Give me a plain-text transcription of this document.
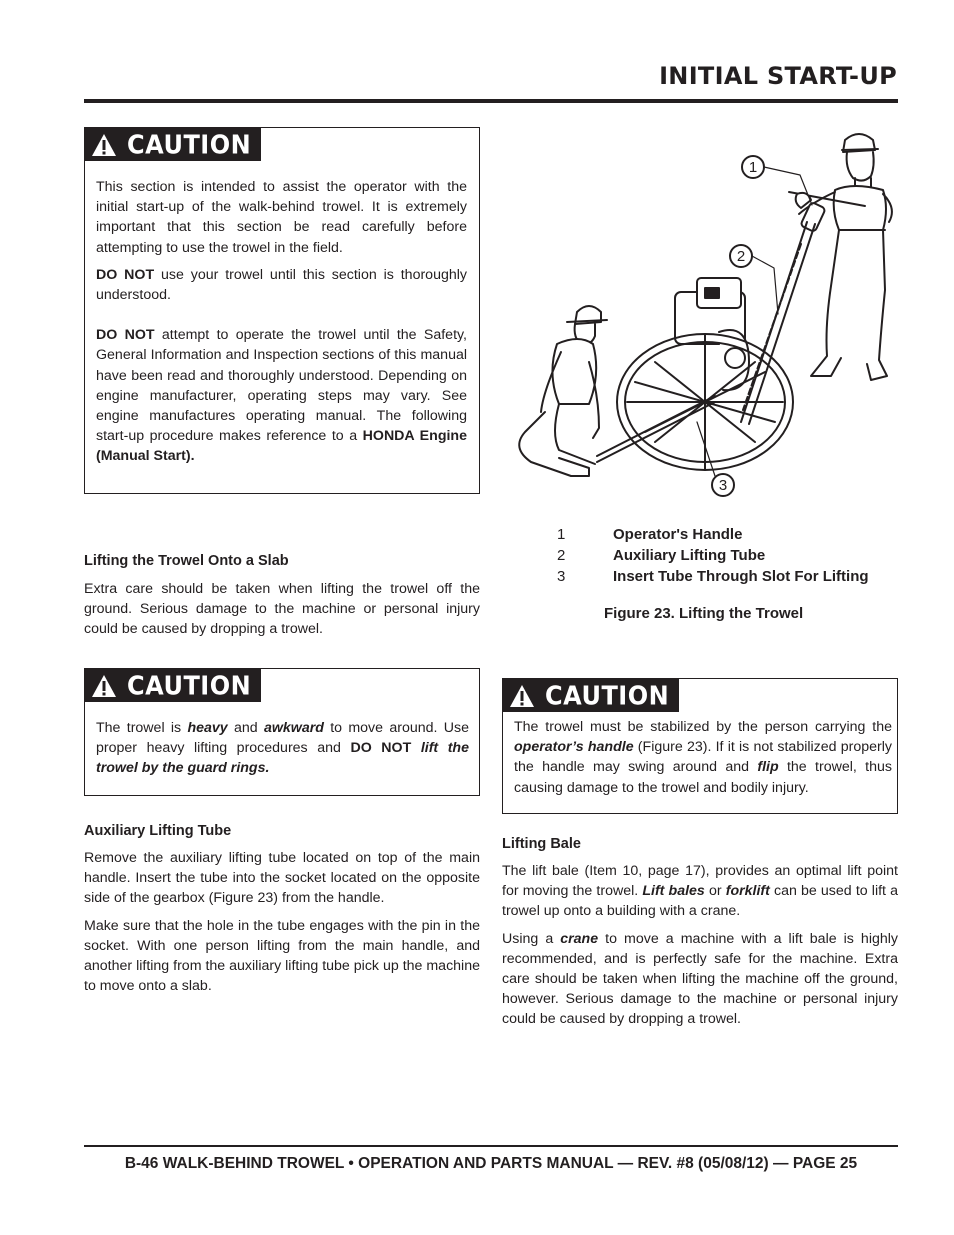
INITIAL START-UP
CAUTION

This section is intended to assist the operator with the initial start-up of the walk-behind trowel. It is extremely important that this section be read carefully before attempting to use the trowel in the field.

DO NOT use your trowel until this section is thoroughly understood.

DO NOT attempt to operate the trowel until the Safety, General Information and Inspection sections of this manual have been read and thoroughly understood. Depending on engine manufacturer, operating steps may vary. See engine manufactures operating manual. The following start-up procedure makes reference to a HONDA Engine (Manual Start).

1
2
3
1	Operator's Handle
2	Auxiliary Lifting Tube
3	Insert Tube Through Slot For Lifting
Figure 23. Lifting the Trowel
Lifting the Trowel Onto a Slab
Extra care should be taken when lifting the trowel off the ground. Serious damage to the machine or personal injury could be caused by dropping a trowel.
CAUTION
The trowel is heavy and awkward to move around. Use proper heavy lifting procedures and DO NOT lift the trowel by the guard rings.
CAUTION
The trowel must be stabilized by the person carrying the operator’s handle (Figure 23). If it is not stabilized properly the handle may swing around and flip the trowel, thus causing damage to the trowel and bodily injury.
Auxiliary Lifting Tube

Remove the auxiliary lifting tube located on top of the main handle. Insert the tube into the socket located on the opposite side of the gearbox (Figure 23) from the handle.

Make sure that the hole in the tube engages with the pin in the socket. With one person lifting from the main handle, and another lifting from the auxiliary lifting tube pick up the machine to move onto a slab.

Lifting Bale

The lift bale (Item 10, page 17), provides an optimal lift point for moving the trowel. Lift bales or forklift can be used to lift a trowel up onto a building with a crane.

Using a crane to move a machine with a lift bale is highly recommended, and is perfectly safe for the machine. Extra care should be taken when lifting the machine off the ground, however. Serious damage to the machine or personal injury could be caused by dropping a trowel.

B-46 WALK-BEHIND TROWEL • OPERATION AND PARTS MANUAL — REV. #8 (05/08/12) — PAGE 25
